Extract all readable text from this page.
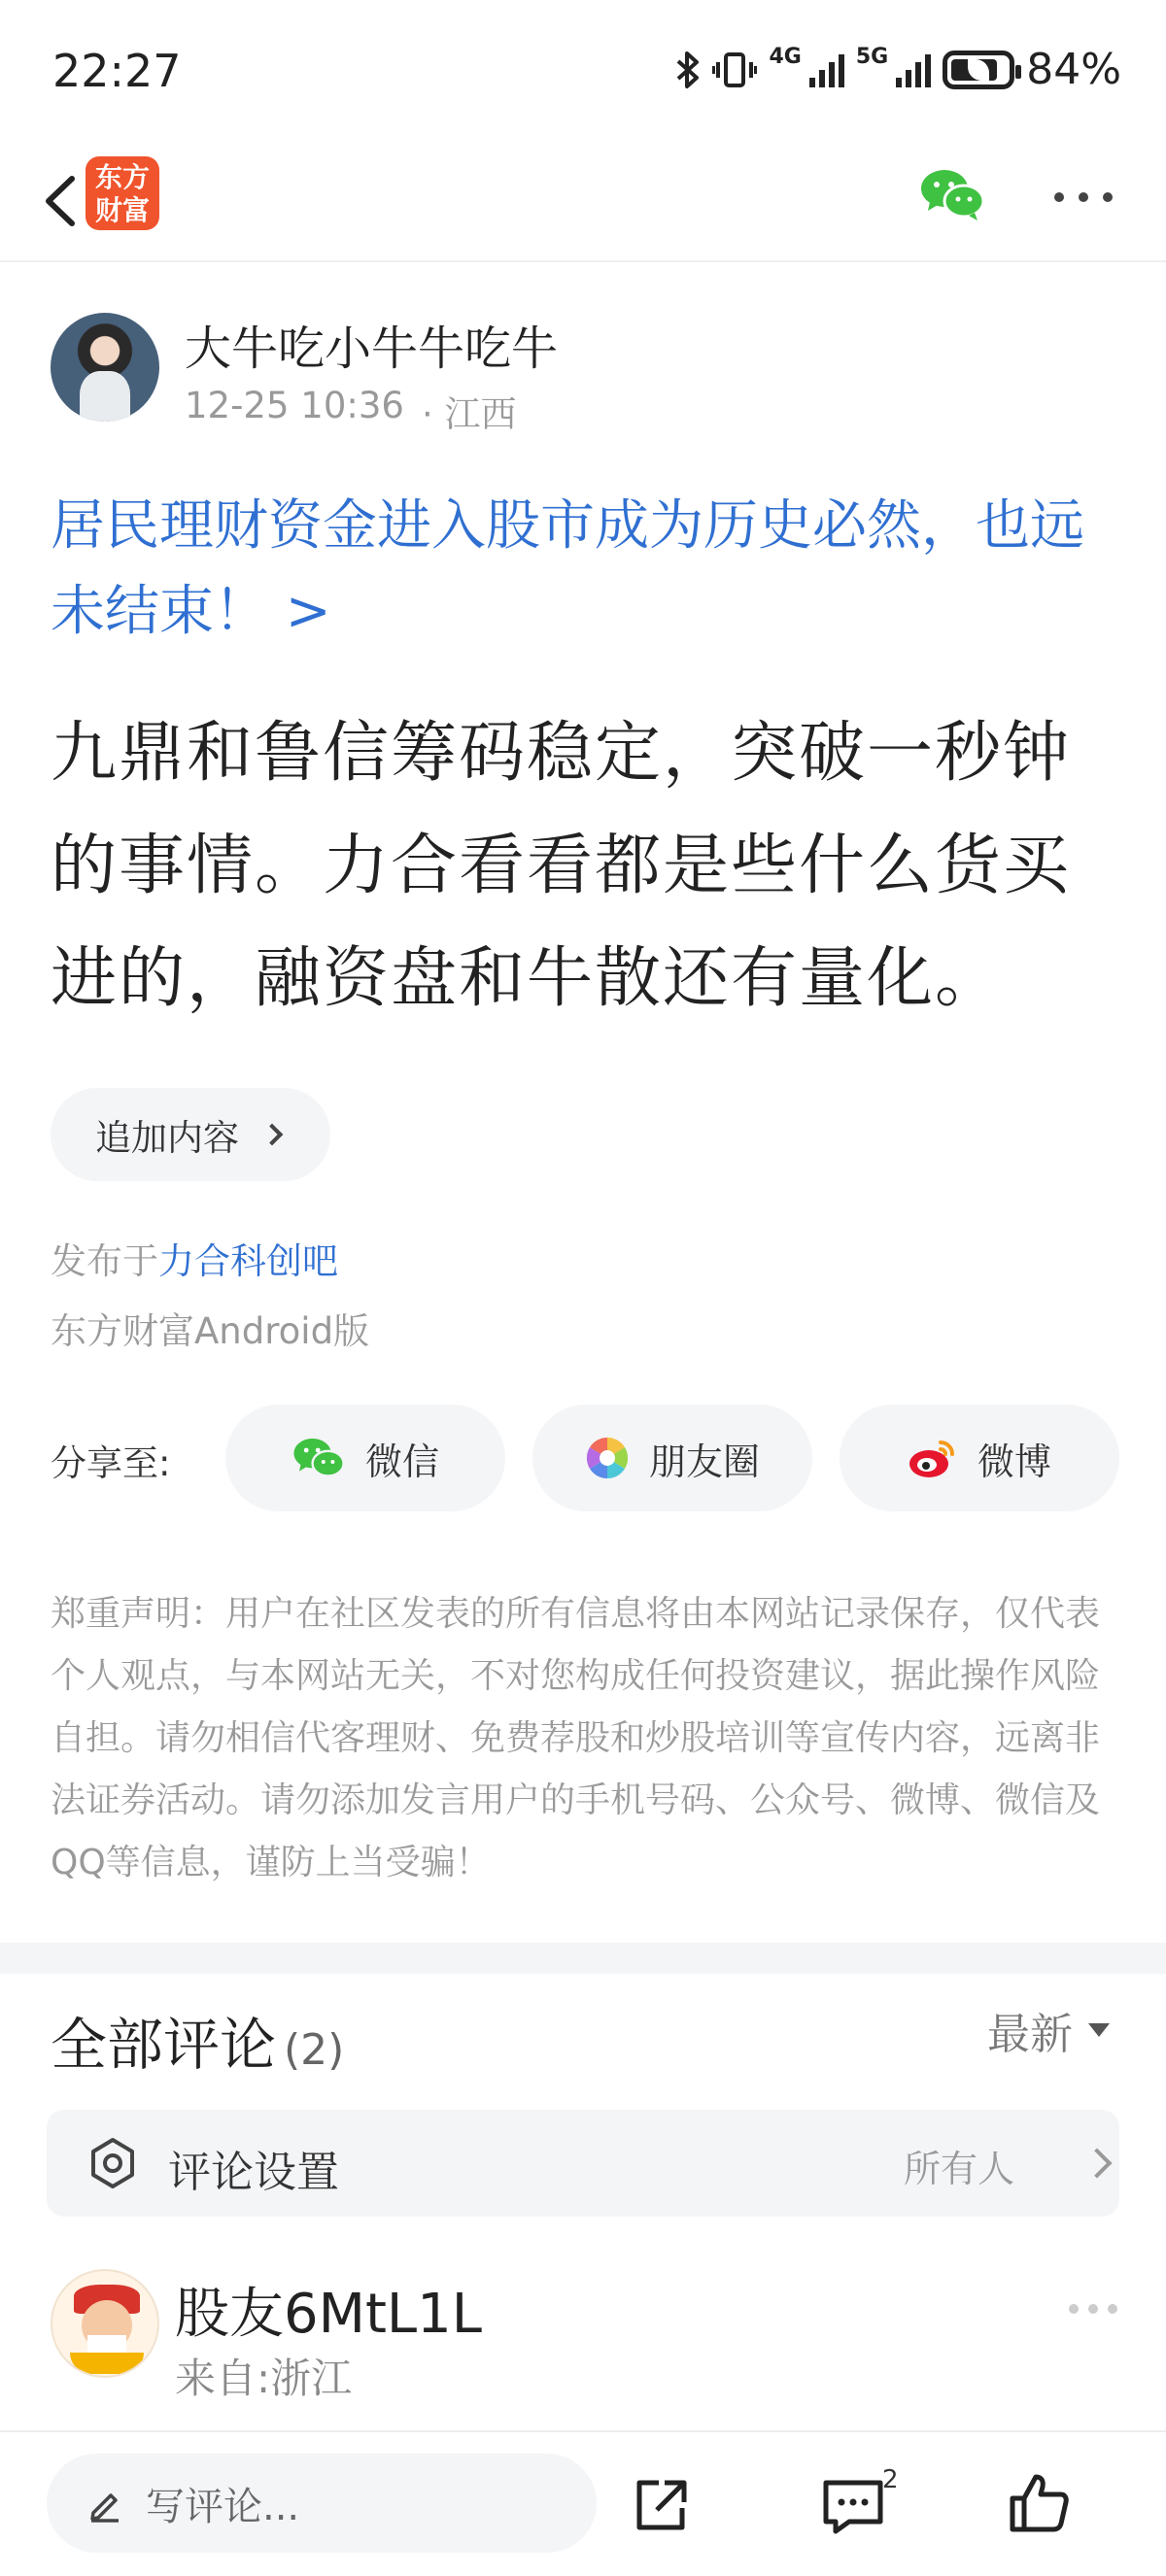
22:27	4G	5G	84%
东方
财富
大牛吃小牛牛吃牛
12-25 10:36 · 江西
居民理财资金进入股市成为历史必然，也远未结束！ >
九鼎和鲁信筹码稳定，突破一秒钟的事情。力合看看都是些什么货买进的，融资盘和牛散还有量化。
追加内容
发布于力合科创吧
东方财富Android版
分享至:	微信	朋友圈	微博
郑重声明：用户在社区发表的所有信息将由本网站记录保存，仅代表个人观点，与本网站无关，不对您构成任何投资建议，据此操作风险自担。请勿相信代客理财、免费荐股和炒股培训等宣传内容，远离非法证券活动。请勿添加发言用户的手机号码、公众号、微博、微信及QQ等信息，谨防上当受骗！
全部评论 (2)	最新
评论设置	所有人
股友6MtL1L
来自:浙江
写评论...
2
